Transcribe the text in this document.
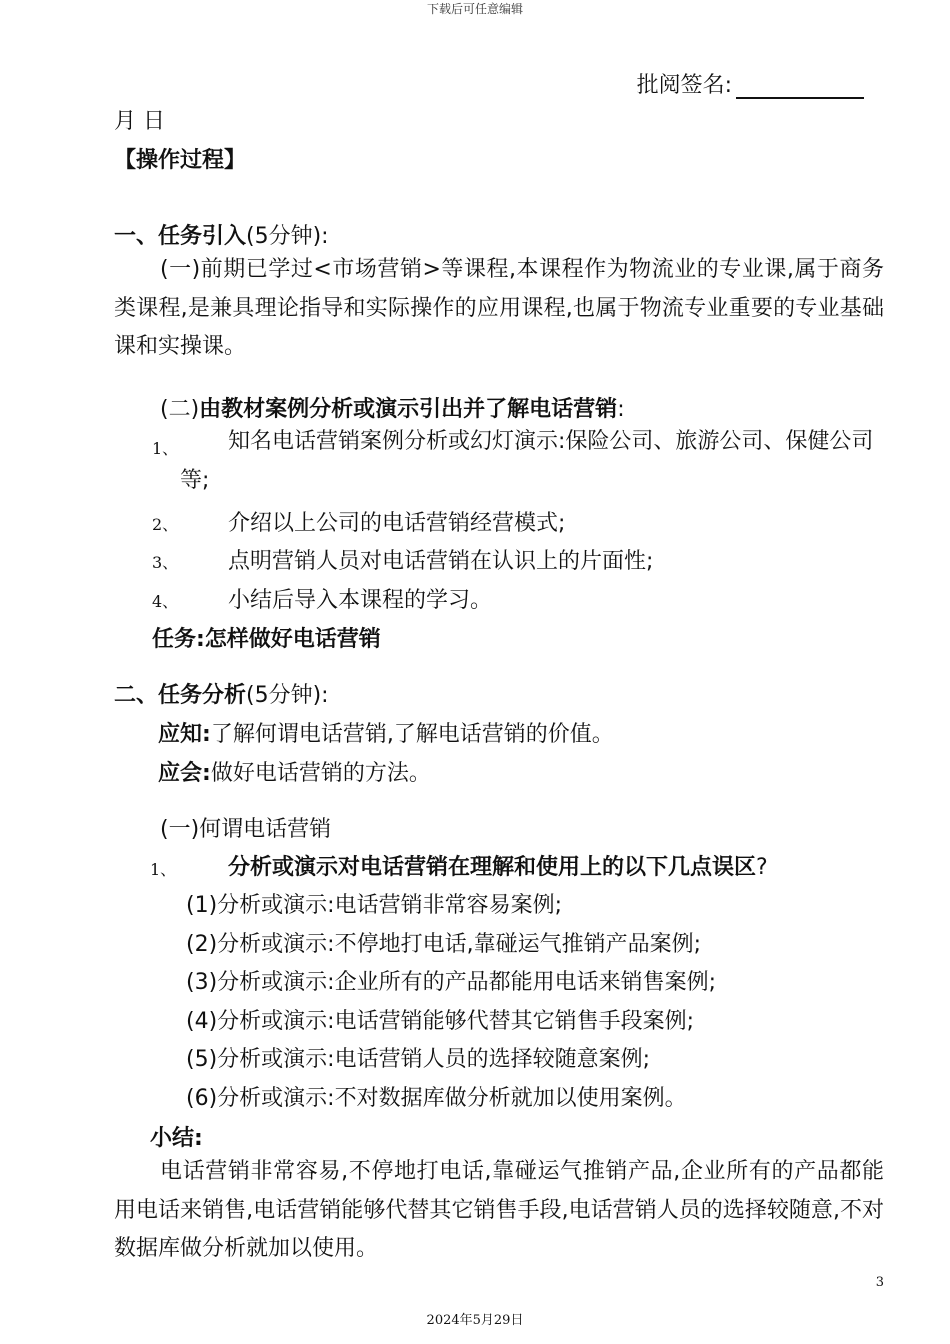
下载后可任意编辑
批阅签名:
月 日
【操作过程】
一、任务引入(5分钟):
(一)前期已学过<市场营销>等课程,本课程作为物流业的专业课,属于商务类课程,是兼具理论指导和实际操作的应用课程,也属于物流专业重要的专业基础课和实操课。
(二)由教材案例分析或演示引出并了解电话营销:
1、	知名电话营销案例分析或幻灯演示:保险公司、旅游公司、保健公司等;
2、 介绍以上公司的电话营销经营模式;
3、 点明营销人员对电话营销在认识上的片面性;
4、 小结后导入本课程的学习。
任务:怎样做好电话营销
二、任务分析(5分钟):
应知:了解何谓电话营销,了解电话营销的价值。
应会:做好电话营销的方法。
(一)何谓电话营销
1、 分析或演示对电话营销在理解和使用上的以下几点误区?
(1)分析或演示:电话营销非常容易案例;
(2)分析或演示:不停地打电话,靠碰运气推销产品案例;
(3)分析或演示:企业所有的产品都能用电话来销售案例;
(4)分析或演示:电话营销能够代替其它销售手段案例;
(5)分析或演示:电话营销人员的选择较随意案例;
(6)分析或演示:不对数据库做分析就加以使用案例。
小结:
电话营销非常容易,不停地打电话,靠碰运气推销产品,企业所有的产品都能用电话来销售,电话营销能够代替其它销售手段,电话营销人员的选择较随意,不对数据库做分析就加以使用。
3
2024年5月29日
